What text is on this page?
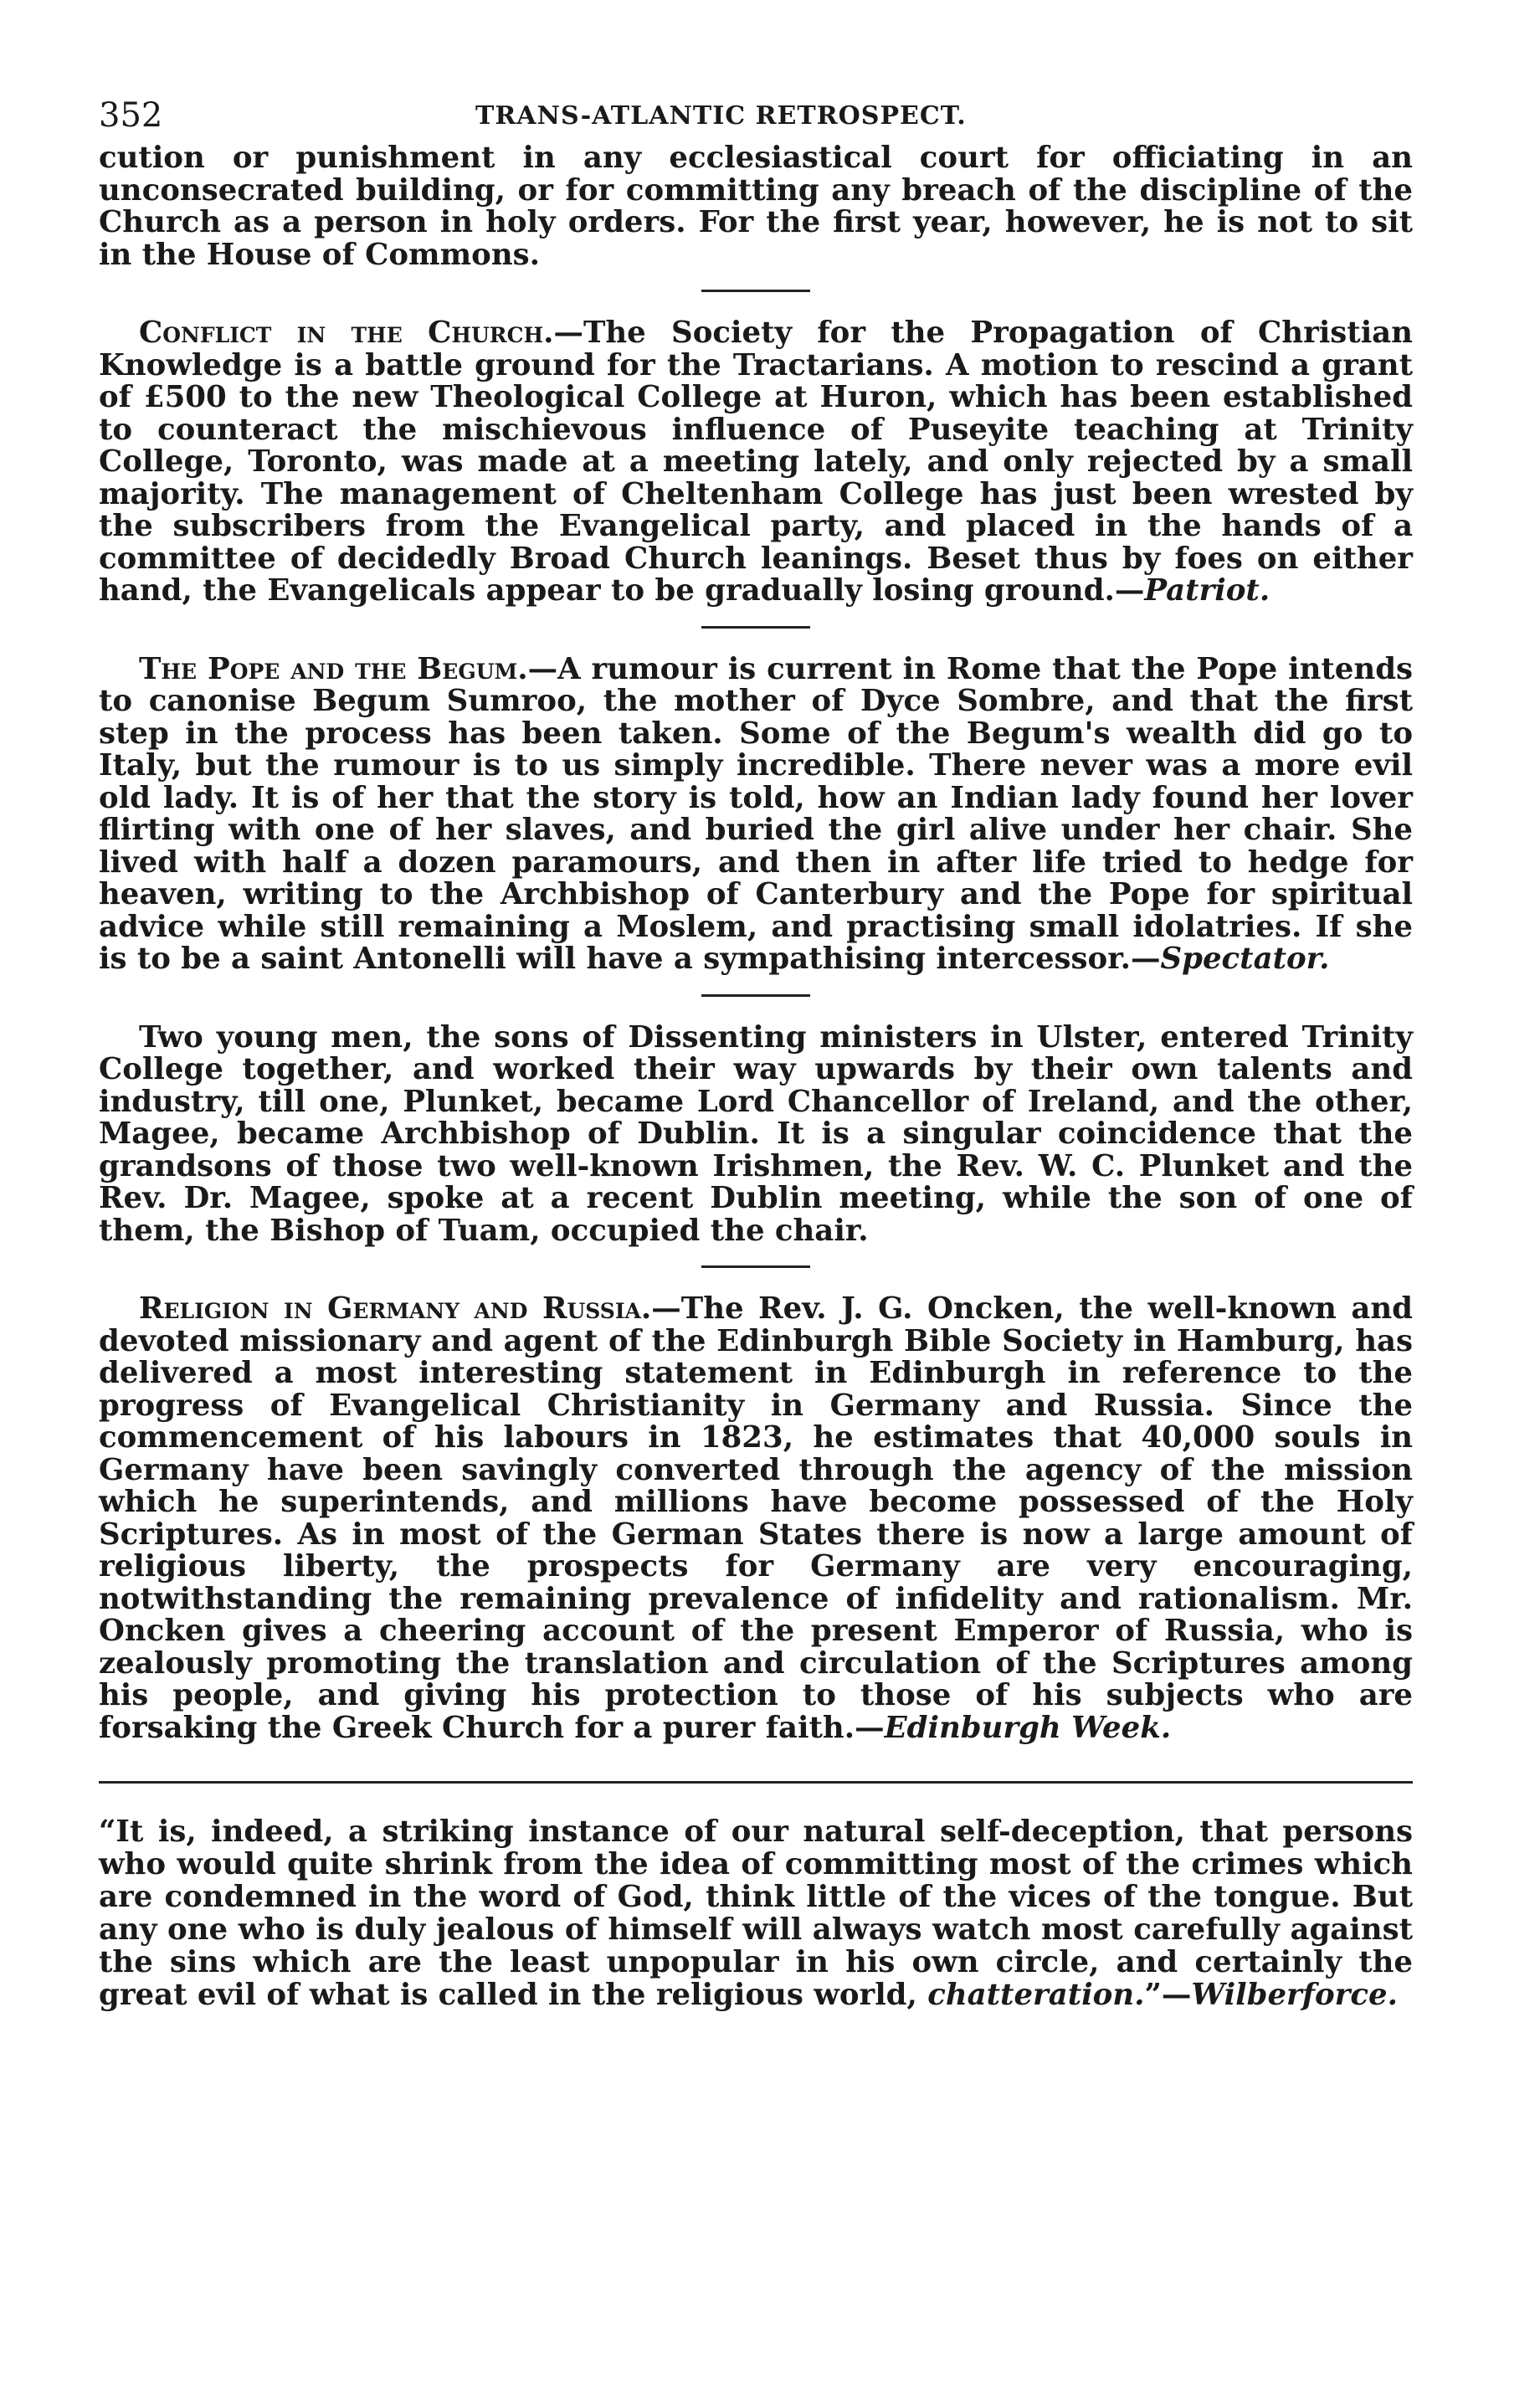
352	TRANS-ATLANTIC RETROSPECT.

cution or punishment in any ecclesiastical court for officiating in an unconsecrated building, or for committing any breach of the discipline of the Church as a person in holy orders. For the first year, however, he is not to sit in the House of Commons.

Conflict in the Church.—The Society for the Propagation of Christian Knowledge is a battle ground for the Tractarians. A motion to rescind a grant of £500 to the new Theological College at Huron, which has been established to counteract the mischievous influence of Puseyite teaching at Trinity College, Toronto, was made at a meeting lately, and only rejected by a small majority. The management of Cheltenham College has just been wrested by the subscribers from the Evangelical party, and placed in the hands of a committee of decidedly Broad Church leanings. Beset thus by foes on either hand, the Evangelicals appear to be gradually losing ground.—Patriot.

The Pope and the Begum.—A rumour is current in Rome that the Pope intends to canonise Begum Sumroo, the mother of Dyce Sombre, and that the first step in the process has been taken. Some of the Begum's wealth did go to Italy, but the rumour is to us simply incredible. There never was a more evil old lady. It is of her that the story is told, how an Indian lady found her lover flirting with one of her slaves, and buried the girl alive under her chair. She lived with half a dozen paramours, and then in after life tried to hedge for heaven, writing to the Archbishop of Canterbury and the Pope for spiritual advice while still remaining a Moslem, and practising small idolatries. If she is to be a saint Antonelli will have a sympathising intercessor.—Spectator.

Two young men, the sons of Dissenting ministers in Ulster, entered Trinity College together, and worked their way upwards by their own talents and industry, till one, Plunket, became Lord Chancellor of Ireland, and the other, Magee, became Archbishop of Dublin. It is a singular coincidence that the grandsons of those two well-known Irishmen, the Rev. W. C. Plunket and the Rev. Dr. Magee, spoke at a recent Dublin meeting, while the son of one of them, the Bishop of Tuam, occupied the chair.

Religion in Germany and Russia.—The Rev. J. G. Oncken, the well-known and devoted missionary and agent of the Edinburgh Bible Society in Hamburg, has delivered a most interesting statement in Edinburgh in reference to the progress of Evangelical Christianity in Germany and Russia. Since the commencement of his labours in 1823, he estimates that 40,000 souls in Germany have been savingly converted through the agency of the mission which he superintends, and millions have become possessed of the Holy Scriptures. As in most of the German States there is now a large amount of religious liberty, the prospects for Germany are very encouraging, notwithstanding the remaining prevalence of infidelity and rationalism. Mr. Oncken gives a cheering account of the present Emperor of Russia, who is zealously promoting the translation and circulation of the Scriptures among his people, and giving his protection to those of his subjects who are forsaking the Greek Church for a purer faith.—Edinburgh Week.

“It is, indeed, a striking instance of our natural self-deception, that persons who would quite shrink from the idea of committing most of the crimes which are condemned in the word of God, think little of the vices of the tongue. But any one who is duly jealous of himself will always watch most carefully against the sins which are the least unpopular in his own circle, and certainly the great evil of what is called in the religious world, chatteration.”—Wilberforce.
